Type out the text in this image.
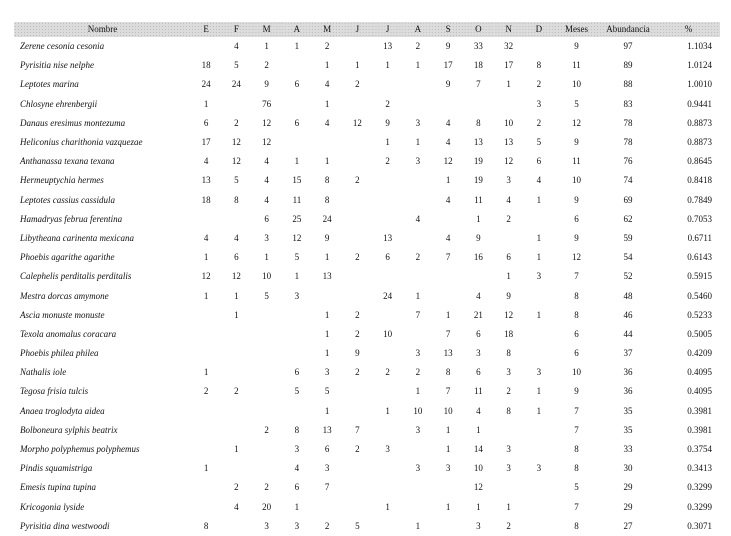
Nombre	E	F	M	A	M	J	J	A	S	O	N	D	Meses	Abundancia	%
Zerene cesonia cesonia		4	1	1	2		13	2	9	33	32		9	97	1.1034
Pyrisitia nise nelphe	18	5	2		1	1	1	1	17	18	17	8	11	89	1.0124
Leptotes marina	24	24	9	6	4	2			9	7	1	2	10	88	1.0010
Chlosyne ehrenbergii	1		76		1		2					3	5	83	0.9441
Danaus eresimus montezuma	6	2	12	6	4	12	9	3	4	8	10	2	12	78	0.8873
Heliconius charithonia vazquezae	17	12	12				1	1	4	13	13	5	9	78	0.8873
Anthanassa texana texana	4	12	4	1	1		2	3	12	19	12	6	11	76	0.8645
Hermeuptychia hermes	13	5	4	15	8	2			1	19	3	4	10	74	0.8418
Leptotes cassius cassidula	18	8	4	11	8				4	11	4	1	9	69	0.7849
Hamadryas februa ferentina			6	25	24			4		1	2		6	62	0.7053
Libytheana carinenta mexicana	4	4	3	12	9		13		4	9		1	9	59	0.6711
Phoebis agarithe agarithe	1	6	1	5	1	2	6	2	7	16	6	1	12	54	0.6143
Calephelis perditalis perditalis	12	12	10	1	13						1	3	7	52	0.5915
Mestra dorcas amymone	1	1	5	3			24	1		4	9		8	48	0.5460
Ascia monuste monuste		1			1	2		7	1	21	12	1	8	46	0.5233
Texola anomalus coracara					1	2	10		7	6	18		6	44	0.5005
Phoebis philea philea					1	9		3	13	3	8		6	37	0.4209
Nathalis iole	1			6	3	2	2	2	8	6	3	3	10	36	0.4095
Tegosa frisia tulcis	2	2		5	5			1	7	11	2	1	9	36	0.4095
Anaea troglodyta aidea					1		1	10	10	4	8	1	7	35	0.3981
Bolboneura sylphis beatrix			2	8	13	7		3	1	1			7	35	0.3981
Morpho polyphemus polyphemus		1		3	6	2	3		1	14	3		8	33	0.3754
Pindis squamistriga	1			4	3			3	3	10	3	3	8	30	0.3413
Emesis tupina tupina		2	2	6	7					12			5	29	0.3299
Kricogonia lyside		4	20	1			1		1	1	1		7	29	0.3299
Pyrisitia dina westwoodi	8		3	3	2	5		1		3	2		8	27	0.3071
